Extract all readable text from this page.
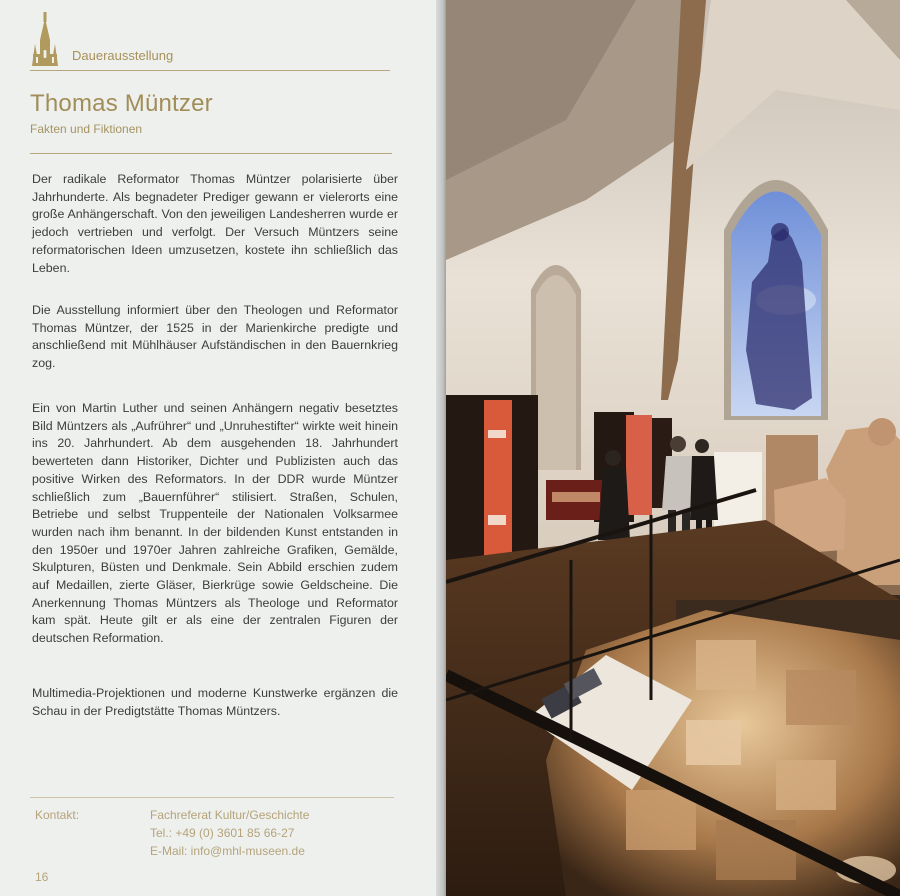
Dauerausstellung
Thomas Müntzer
Fakten und Fiktionen

Der radikale Reformator Thomas Müntzer polarisierte über Jahrhunderte. Als begnadeter Prediger gewann er vielerorts eine große Anhängerschaft. Von den jeweiligen Landesherren wurde er jedoch vertrieben und verfolgt. Der Versuch Müntzers seine reformatorischen Ideen umzusetzen, kostete ihn schließlich das Leben.

Die Ausstellung informiert über den Theologen und Reformator Thomas Müntzer, der 1525 in der Marienkirche predigte und anschließend mit Mühlhäuser Aufständischen in den Bauernkrieg zog.

Ein von Martin Luther und seinen Anhängern negativ besetztes Bild Müntzers als „Aufrührer“ und „Unruhestifter“ wirkte weit hinein ins 20. Jahrhundert. Ab dem ausgehenden 18. Jahrhundert bewerteten dann Historiker, Dichter und Publizisten auch das positive Wirken des Reformators. In der DDR wurde Müntzer schließlich zum „Bauernführer“ stilisiert. Straßen, Schulen, Betriebe und selbst Truppenteile der Nationalen Volksarmee wurden nach ihm benannt. In der bildenden Kunst entstanden in den 1950er und 1970er Jahren zahlreiche Grafiken, Gemälde, Skulpturen, Büsten und Denkmale. Sein Abbild erschien zudem auf Medaillen, zierte Gläser, Bierkrüge sowie Geldscheine. Die Anerkennung Thomas Müntzers als Theologe und Reformator kam spät. Heute gilt er als eine der zentralen Figuren der deutschen Reformation.

Multimedia-Projektionen und moderne Kunstwerke ergänzen die Schau in der Predigtstätte Thomas Müntzers.

Kontakt:	Fachreferat Kultur/Geschichte
Tel.: +49 (0) 3601 85 66-27
E-Mail: info@mhl-museen.de
16
